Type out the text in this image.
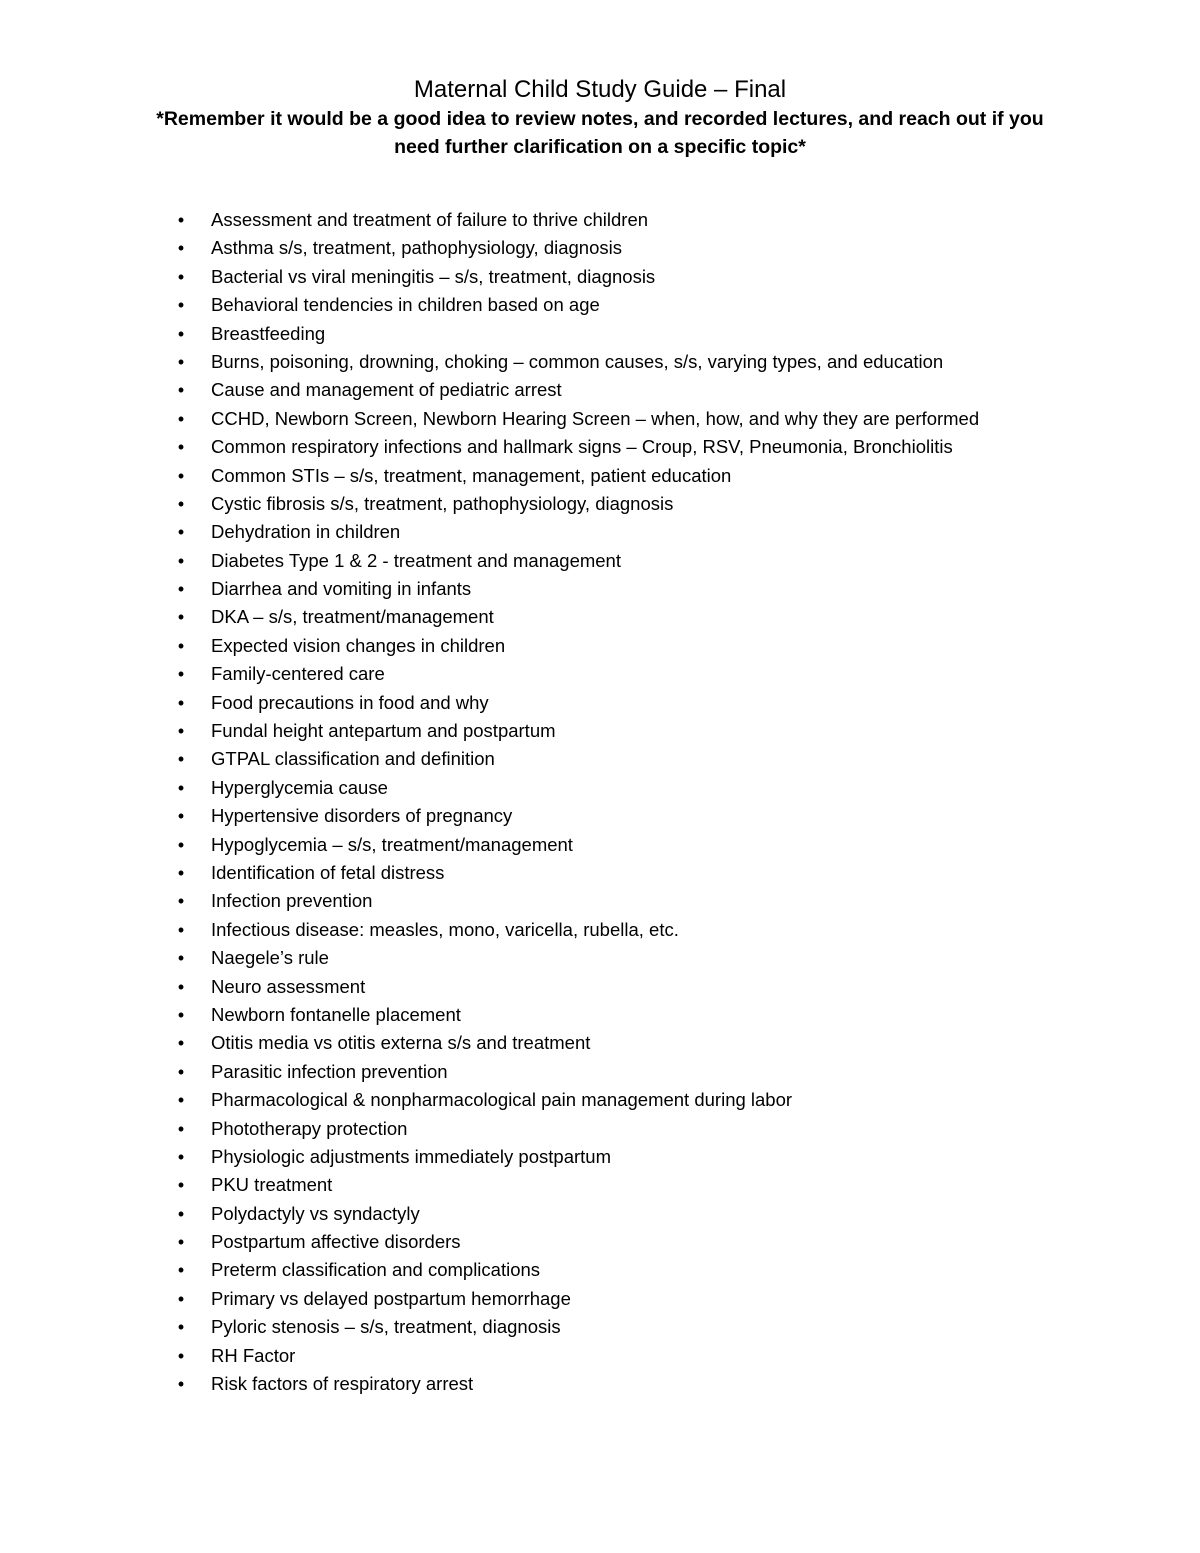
Maternal Child Study Guide – Final

*Remember it would be a good idea to review notes, and recorded lectures, and reach out if you need further clarification on a specific topic*

• Assessment and treatment of failure to thrive children
• Asthma s/s, treatment, pathophysiology, diagnosis
• Bacterial vs viral meningitis – s/s, treatment, diagnosis
• Behavioral tendencies in children based on age
• Breastfeeding
• Burns, poisoning, drowning, choking – common causes, s/s, varying types, and education
• Cause and management of pediatric arrest
• CCHD, Newborn Screen, Newborn Hearing Screen – when, how, and why they are performed
• Common respiratory infections and hallmark signs – Croup, RSV, Pneumonia, Bronchiolitis
• Common STIs – s/s, treatment, management, patient education
• Cystic fibrosis s/s, treatment, pathophysiology, diagnosis
• Dehydration in children
• Diabetes Type 1 & 2 - treatment and management
• Diarrhea and vomiting in infants
• DKA – s/s, treatment/management
• Expected vision changes in children
• Family-centered care
• Food precautions in food and why
• Fundal height antepartum and postpartum
• GTPAL classification and definition
• Hyperglycemia cause
• Hypertensive disorders of pregnancy
• Hypoglycemia – s/s, treatment/management
• Identification of fetal distress
• Infection prevention
• Infectious disease: measles, mono, varicella, rubella, etc.
• Naegele’s rule
• Neuro assessment
• Newborn fontanelle placement
• Otitis media vs otitis externa s/s and treatment
• Parasitic infection prevention
• Pharmacological & nonpharmacological pain management during labor
• Phototherapy protection
• Physiologic adjustments immediately postpartum
• PKU treatment
• Polydactyly vs syndactyly
• Postpartum affective disorders
• Preterm classification and complications
• Primary vs delayed postpartum hemorrhage
• Pyloric stenosis – s/s, treatment, diagnosis
• RH Factor
• Risk factors of respiratory arrest
